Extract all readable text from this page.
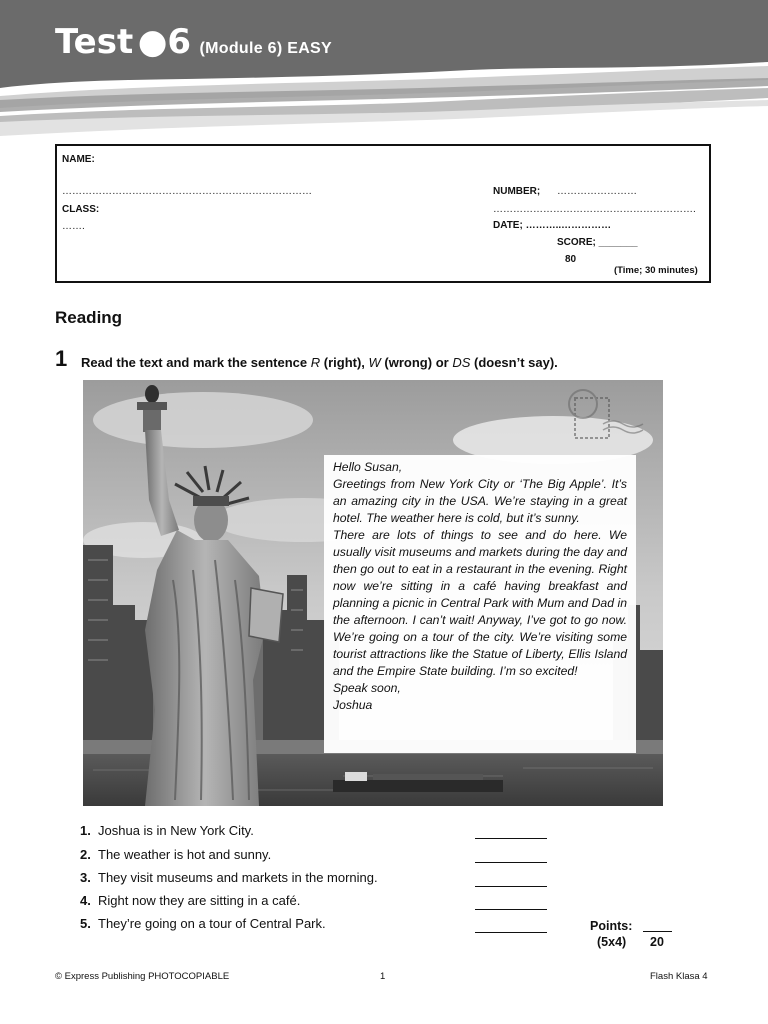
Test ●6 (Module 6) EASY
NAME:
…………………………………………………………………
CLASS:
…….
NUMBER; ……………………
…………………………………………………….
DATE; ………..……………
SCORE; _______
80
(Time; 30 minutes)
Reading
1 Read the text and mark the sentence R (right), W (wrong) or DS (doesn’t say).

Hello Susan,

Greetings from New York City or ‘The Big Apple’. It’s an amazing city in the USA. We’re staying in a great hotel. The weather here is cold, but it’s sunny.

There are lots of things to see and do here. We usually visit museums and markets during the day and then go out to eat in a restaurant in the evening. Right now we’re sitting in a café having breakfast and planning a picnic in Central Park with Mum and Dad in the afternoon. I can’t wait! Anyway, I’ve got to go now. We’re going on a tour of the city. We’re visiting some tourist attractions like the Statue of Liberty, Ellis Island and the Empire State building. I’m so excited!

Speak soon,

Joshua

1. Joshua is in New York City.
2. The weather is hot and sunny.
3. They visit museums and markets in the morning.
4. Right now they are sitting in a café.
5. They’re going on a tour of Central Park.	Points:
(5x4) 20
© Express Publishing PHOTOCOPIABLE	1	Flash Klasa 4
